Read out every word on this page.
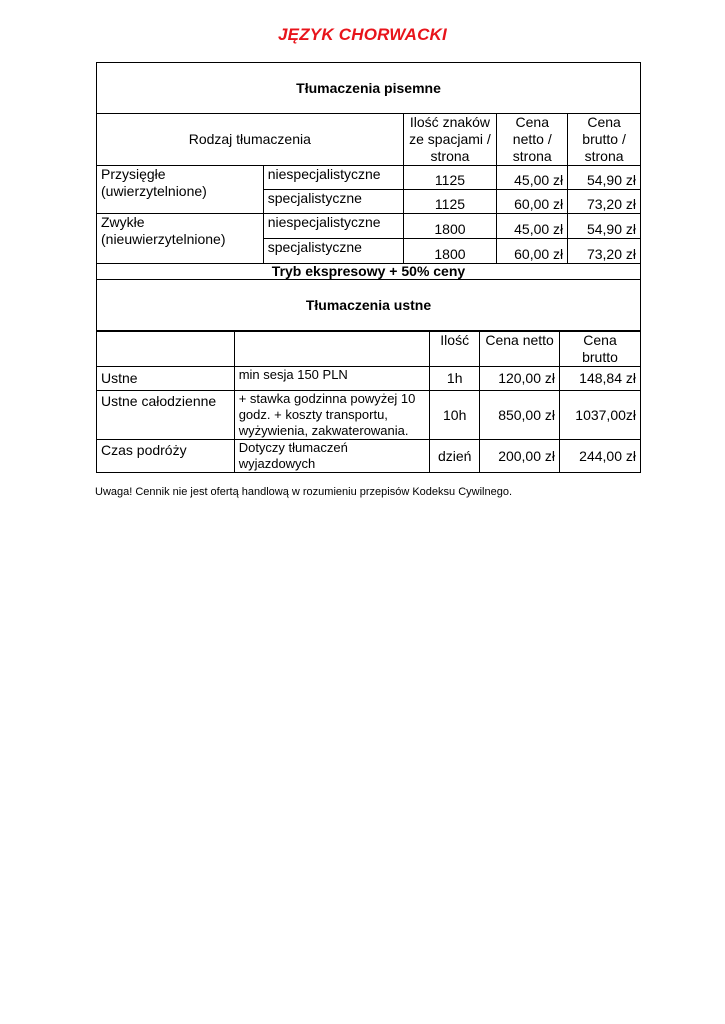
JĘZYK CHORWACKI
Tłumaczenia pisemne				
Rodzaj tłumaczenia		Ilość znaków ze spacjami / strona	Cena netto / strona	Cena brutto / strona
Przysięgłe (uwierzytelnione)	niespecjalistyczne	1125	45,00 zł	54,90 zł
	specjalistyczne	1125	60,00 zł	73,20 zł
Zwykłe (nieuwierzytelnione)	niespecjalistyczne	1800	45,00 zł	54,90 zł
	specjalistyczne	1800	60,00 zł	73,20 zł
Tryb ekspresowy + 50% ceny				
Tłumaczenia ustne				
		Ilość	Cena netto	Cena brutto
Ustne	min sesja 150 PLN	1h	120,00 zł	148,84 zł
Ustne całodzienne	+ stawka godzinna powyżej 10 godz. + koszty transportu, wyżywienia, zakwaterowania.	10h	850,00 zł	1037,00zł
Czas podróży	Dotyczy tłumaczeń wyjazdowych	dzień	200,00 zł	244,00 zł
Uwaga! Cennik nie jest ofertą handlową w rozumieniu przepisów Kodeksu Cywilnego.
